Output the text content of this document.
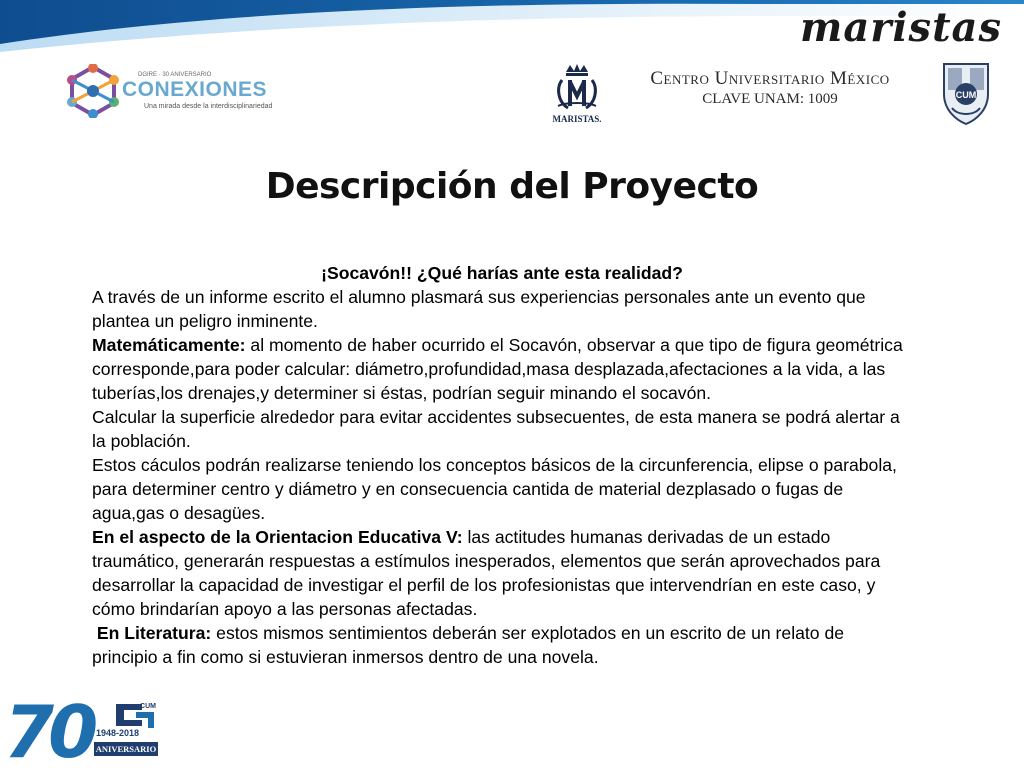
maristas
DGIRE · 30 ANIVERSARIO
CONEXIONES
Una mirada desde la interdisciplinariedad
MARISTAS.
Centro Universitario México
CLAVE UNAM: 1009	CUM
Descripción del Proyecto

¡Socavón!! ¿Qué harías ante esta realidad?

A través de un informe escrito el alumno plasmará sus experiencias personales ante un evento que plantea un peligro inminente.

Matemáticamente: al momento de haber ocurrido el Socavón, observar a que tipo de figura geométrica corresponde,para poder calcular: diámetro,profundidad,masa desplazada,afectaciones a la vida, a las tuberías,los drenajes,y determiner si éstas, podrían seguir minando el socavón.

Calcular la superficie alrededor para evitar accidentes subsecuentes, de esta manera se podrá alertar a la población.

Estos cáculos podrán realizarse teniendo los conceptos básicos de la circunferencia, elipse o parabola, para determiner centro y diámetro y en consecuencia cantida de material dezplasado o fugas de agua,gas o desagües.

En el aspecto de la Orientacion Educativa V: las actitudes humanas derivadas de un estado traumático, generarán respuestas a estímulos inesperados, elementos que serán aprovechados para desarrollar la capacidad de investigar el perfil de los profesionistas que intervendrían en este caso, y cómo brindarían apoyo a las personas afectadas.

En Literatura: estos mismos sentimientos deberán ser explotados en un escrito de un relato de principio a fin como si estuvieran inmersos dentro de una novela.

70	CUM
1948-2018
ANIVERSARIO
